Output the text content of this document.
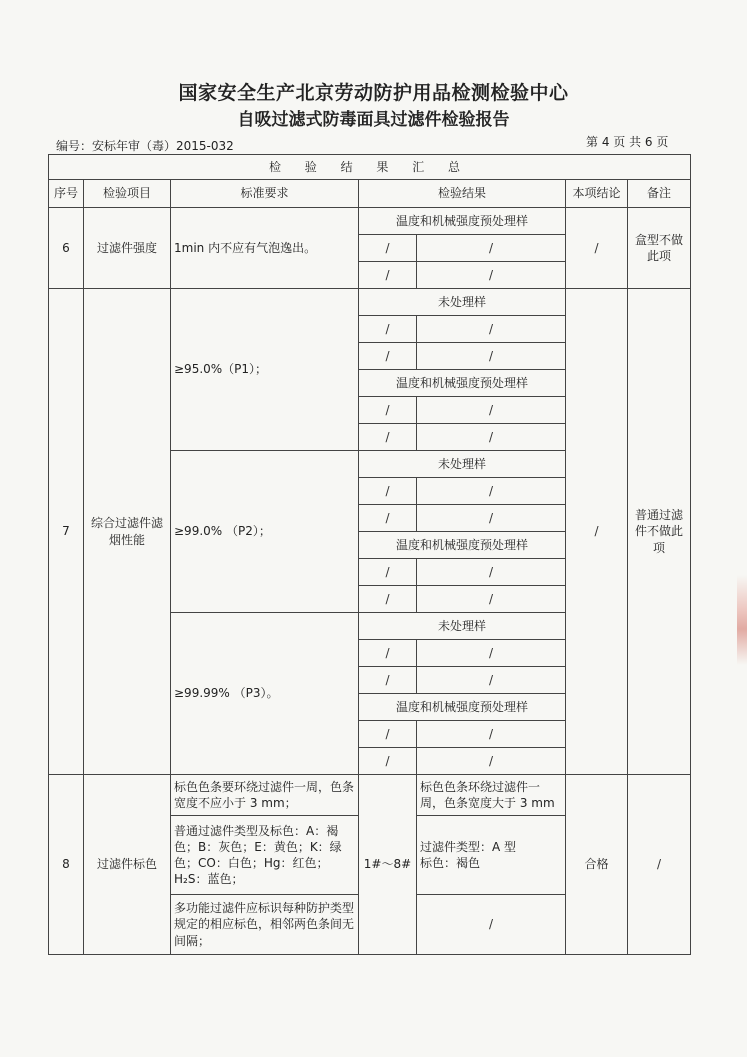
国家安全生产北京劳动防护用品检测检验中心
自吸过滤式防毒面具过滤件检验报告
编号：安标年审（毒）2015-032	第 4 页 共 6 页
检 验 结 果 汇 总						
序号	检验项目	标准要求	检验结果		本项结论	备注
6	过滤件强度	1min 内不应有气泡逸出。	温度和机械强度预处理样		/	盒型不做此项
			/	/		
			/	/		
7	综合过滤件滤烟性能	≥95.0%（P1）；	未处理样		/	普通过滤件不做此项
			/	/		
			/	/		
			温度和机械强度预处理样			
			/	/		
			/	/		
		≥99.0% （P2）；	未处理样			
			/	/		
			/	/		
			温度和机械强度预处理样			
			/	/		
			/	/		
		≥99.99% （P3）。	未处理样			
			/	/		
			/	/		
			温度和机械强度预处理样			
			/	/		
			/	/		
8	过滤件标色	标色色条要环绕过滤件一周，色条宽度不应小于 3 mm；	1#～8#	标色色条环绕过滤件一周，色条宽度大于 3 mm	合格	/
		普通过滤件类型及标色：A：褐色；B：灰色；E：黄色；K：绿色；CO：白色；Hg：红色；H₂S：蓝色；		过滤件类型：A 型
标色：褐色		

		多功能过滤件应标识每种防护类型规定的相应标色，相邻两色条间无间隔；		/		
